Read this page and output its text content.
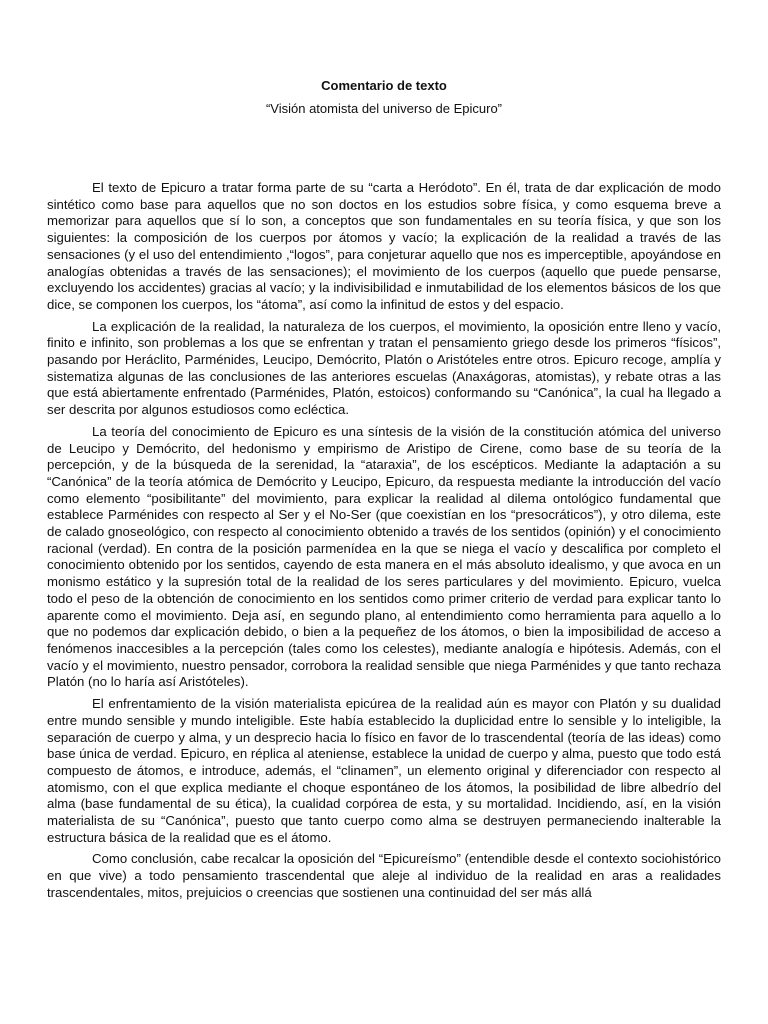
Comentario de texto
“Visión atomista del universo de Epicuro”

El texto de Epicuro a tratar forma parte de su “carta a Heródoto”. En él, trata de dar explicación de modo sintético como base para aquellos que no son doctos en los estudios sobre física, y como esquema breve a memorizar para aquellos que sí lo son, a conceptos que son fundamentales en su teoría física, y que son los siguientes: la composición de los cuerpos por átomos y vacío; la explicación de la realidad a través de las sensaciones (y el uso del entendimiento ,“logos”, para conjeturar aquello que nos es imperceptible, apoyándose en analogías obtenidas a través de las sensaciones); el movimiento de los cuerpos (aquello que puede pensarse, excluyendo los accidentes) gracias al vacío; y la indivisibilidad e inmutabilidad de los elementos básicos de los que dice, se componen los cuerpos, los “átoma”, así como la infinitud de estos y del espacio.

La explicación de la realidad, la naturaleza de los cuerpos, el movimiento, la oposición entre lleno y vacío, finito e infinito, son problemas a los que se enfrentan y tratan el pensamiento griego desde los primeros “físicos”, pasando por Heráclito, Parménides, Leucipo, Demócrito, Platón o Aristóteles entre otros. Epicuro recoge, amplía y sistematiza algunas de las conclusiones de las anteriores escuelas (Anaxágoras, atomistas), y rebate otras a las que está abiertamente enfrentado (Parménides, Platón, estoicos) conformando su “Canónica”, la cual ha llegado a ser descrita por algunos estudiosos como ecléctica.

La teoría del conocimiento de Epicuro es una síntesis de la visión de la constitución atómica del universo de Leucipo y Demócrito, del hedonismo y empirismo de Aristipo de Cirene, como base de su teoría de la percepción, y de la búsqueda de la serenidad, la “ataraxia”, de los escépticos. Mediante la adaptación a su “Canónica” de la teoría atómica de Demócrito y Leucipo, Epicuro, da respuesta mediante la introducción del vacío como elemento “posibilitante” del movimiento, para explicar la realidad al dilema ontológico fundamental que establece Parménides con respecto al Ser y el No-Ser (que coexistían en los “presocráticos”), y otro dilema, este de calado gnoseológico, con respecto al conocimiento obtenido a través de los sentidos (opinión) y el conocimiento racional (verdad). En contra de la posición parmenídea en la que se niega el vacío y descalifica por completo el conocimiento obtenido por los sentidos, cayendo de esta manera en el más absoluto idealismo, y que avoca en un monismo estático y la supresión total de la realidad de los seres particulares y del movimiento. Epicuro, vuelca todo el peso de la obtención de conocimiento en los sentidos como primer criterio de verdad para explicar tanto lo aparente como el movimiento. Deja así, en segundo plano, al entendimiento como herramienta para aquello a lo que no podemos dar explicación debido, o bien a la pequeñez de los átomos, o bien la imposibilidad de acceso a fenómenos inaccesibles a la percepción (tales como los celestes), mediante analogía e hipótesis. Además, con el vacío y el movimiento, nuestro pensador, corrobora la realidad sensible que niega Parménides y que tanto rechaza Platón (no lo haría así Aristóteles).

El enfrentamiento de la visión materialista epicúrea de la realidad aún es mayor con Platón y su dualidad entre mundo sensible y mundo inteligible. Este había establecido la duplicidad entre lo sensible y lo inteligible, la separación de cuerpo y alma, y un desprecio hacia lo físico en favor de lo trascendental (teoría de las ideas) como base única de verdad. Epicuro, en réplica al ateniense, establece la unidad de cuerpo y alma, puesto que todo está compuesto de átomos, e introduce, además, el “clinamen”, un elemento original y diferenciador con respecto al atomismo, con el que explica mediante el choque espontáneo de los átomos, la posibilidad de libre albedrío del alma (base fundamental de su ética), la cualidad corpórea de esta, y su mortalidad. Incidiendo, así, en la visión materialista de su “Canónica”, puesto que tanto cuerpo como alma se destruyen permaneciendo inalterable la estructura básica de la realidad que es el átomo.

Como conclusión, cabe recalcar la oposición del “Epicureísmo” (entendible desde el contexto sociohistórico en que vive) a todo pensamiento trascendental que aleje al individuo de la realidad en aras a realidades trascendentales, mitos, prejuicios o creencias que sostienen una continuidad del ser más allá
